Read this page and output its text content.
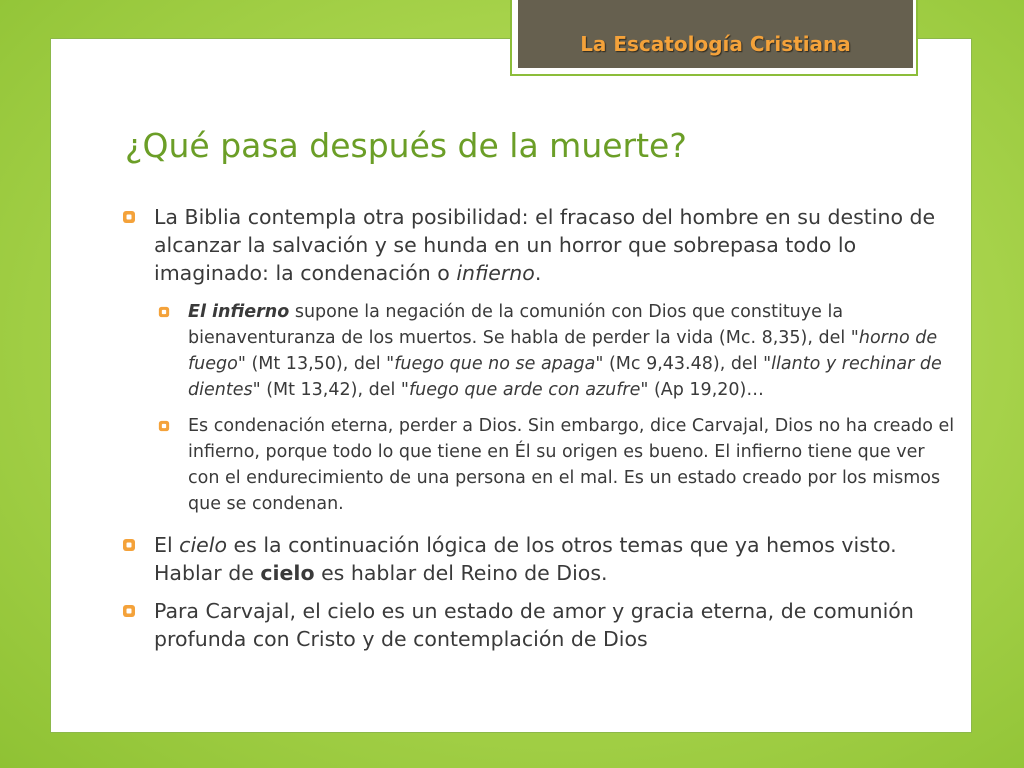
La Escatología Cristiana
¿Qué pasa después de la muerte?
La Biblia contempla otra posibilidad: el fracaso del hombre en su destino de alcanzar la salvación y se hunda en un horror que sobrepasa todo lo imaginado: la condenación o infierno.
El infierno supone la negación de la comunión con Dios que constituye la bienaventuranza de los muertos. Se habla de perder la vida (Mc. 8,35), del "horno de fuego" (Mt 13,50), del "fuego que no se apaga" (Mc 9,43.48), del "llanto y rechinar de dientes" (Mt 13,42), del "fuego que arde con azufre" (Ap 19,20)…
Es condenación eterna, perder a Dios. Sin embargo, dice Carvajal, Dios no ha creado el infierno, porque todo lo que tiene en Él su origen es bueno. El infierno tiene que ver con el endurecimiento de una persona en el mal. Es un estado creado por los mismos que se condenan.
El cielo es la continuación lógica de los otros temas que ya hemos visto. Hablar de cielo es hablar del Reino de Dios.
Para Carvajal, el cielo es un estado de amor y gracia eterna, de comunión profunda con Cristo y de contemplación de Dios
